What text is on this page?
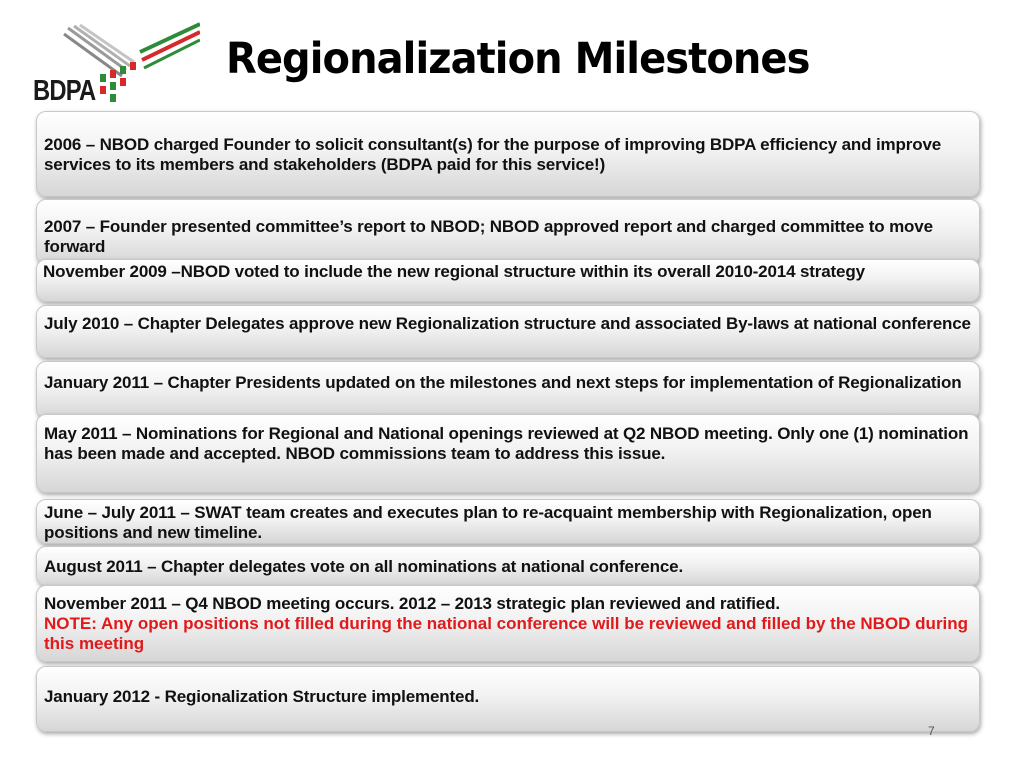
BDPA
Regionalization Milestones
2006 – NBOD charged Founder to solicit consultant(s) for the purpose of improving BDPA efficiency and improve services to its members and stakeholders (BDPA paid for this service!)
2007 – Founder presented committee’s report to NBOD; NBOD approved report and charged committee to move forward
November 2009 –NBOD voted to include the new regional structure within its overall 2010-2014 strategy
July 2010 – Chapter Delegates approve new Regionalization structure and associated By-laws at national conference
January 2011 – Chapter Presidents updated on the milestones and next steps for implementation of Regionalization
May 2011 – Nominations for Regional and National openings reviewed at Q2 NBOD meeting. Only one (1) nomination has been made and accepted. NBOD commissions team to address this issue.
June – July 2011 – SWAT team creates and executes plan to re-acquaint membership with Regionalization, open positions and new timeline.
August 2011 – Chapter delegates vote on all nominations at national conference.
November 2011 – Q4 NBOD meeting occurs. 2012 – 2013 strategic plan reviewed and ratified.
NOTE: Any open positions not filled during the national conference will be reviewed and filled by the NBOD during this meeting
January 2012 - Regionalization Structure implemented.
7
